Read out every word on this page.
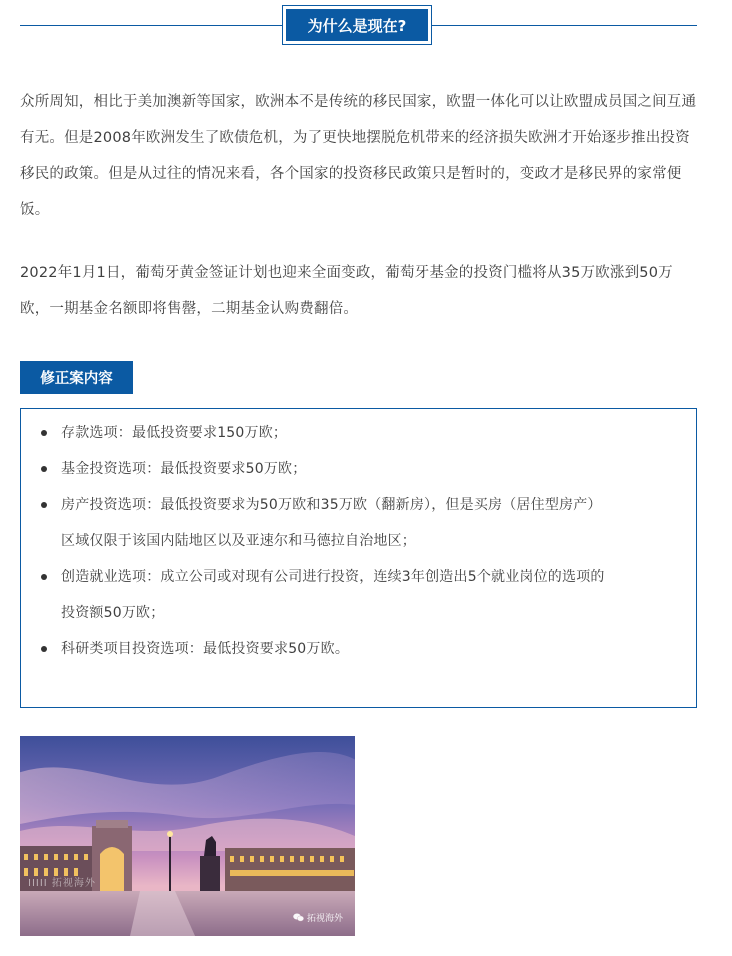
为什么是现在?

众所周知，相比于美加澳新等国家，欧洲本不是传统的移民国家，欧盟一体化可以让欧盟成员国之间互通有无。但是2008年欧洲发生了欧债危机，为了更快地摆脱危机带来的经济损失欧洲才开始逐步推出投资移民的政策。但是从过往的情况来看，各个国家的投资移民政策只是暂时的，变政才是移民界的家常便饭。

2022年1月1日，葡萄牙黄金签证计划也迎来全面变政，葡萄牙基金的投资门槛将从35万欧涨到50万欧，一期基金名额即将售罄，二期基金认购费翻倍。

修正案内容
存款选项：最低投资要求150万欧；
基金投资选项：最低投资要求50万欧；
房产投资选项：最低投资要求为50万欧和35万欧（翻新房），但是买房（居住型房产）区域仅限于该国内陆地区以及亚速尔和马德拉自治地区；
创造就业选项：成立公司或对现有公司进行投资，连续3年创造出5个就业岗位的选项的投资额50万欧；
科研类项目投资选项：最低投资要求50万欧。
IIIII 拓视海外
拓视海外
